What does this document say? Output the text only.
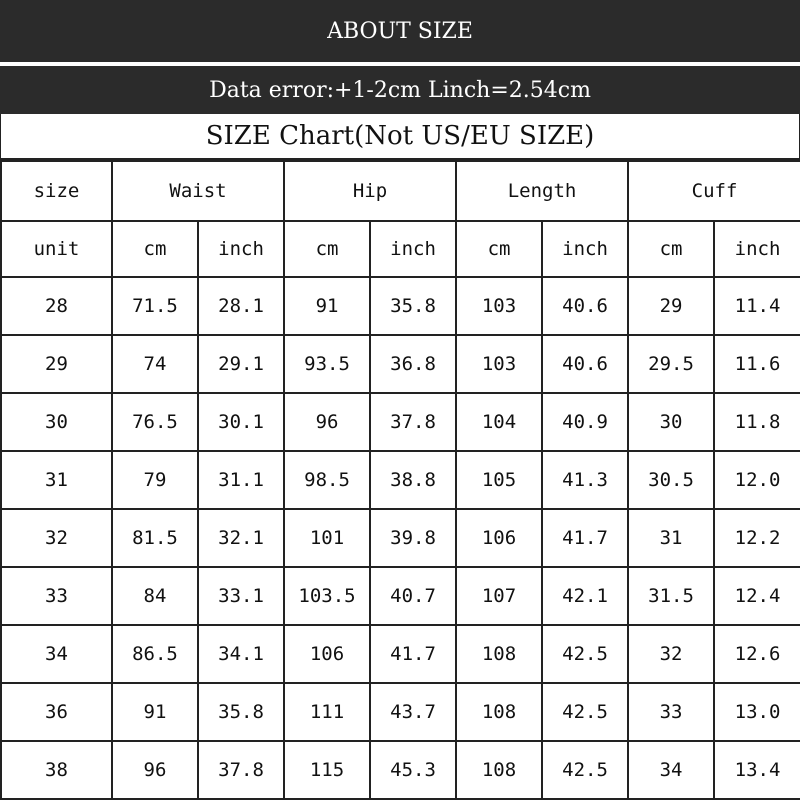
ABOUT SIZE
Data error:+1-2cm Linch=2.54cm
SIZE Chart(Not US/EU SIZE)
size	Waist		Hip		Length		Cuff	
unit	cm	inch	cm	inch	cm	inch	cm	inch
28	71.5	28.1	91	35.8	103	40.6	29	11.4
29	74	29.1	93.5	36.8	103	40.6	29.5	11.6
30	76.5	30.1	96	37.8	104	40.9	30	11.8
31	79	31.1	98.5	38.8	105	41.3	30.5	12.0
32	81.5	32.1	101	39.8	106	41.7	31	12.2
33	84	33.1	103.5	40.7	107	42.1	31.5	12.4
34	86.5	34.1	106	41.7	108	42.5	32	12.6
36	91	35.8	111	43.7	108	42.5	33	13.0
38	96	37.8	115	45.3	108	42.5	34	13.4
